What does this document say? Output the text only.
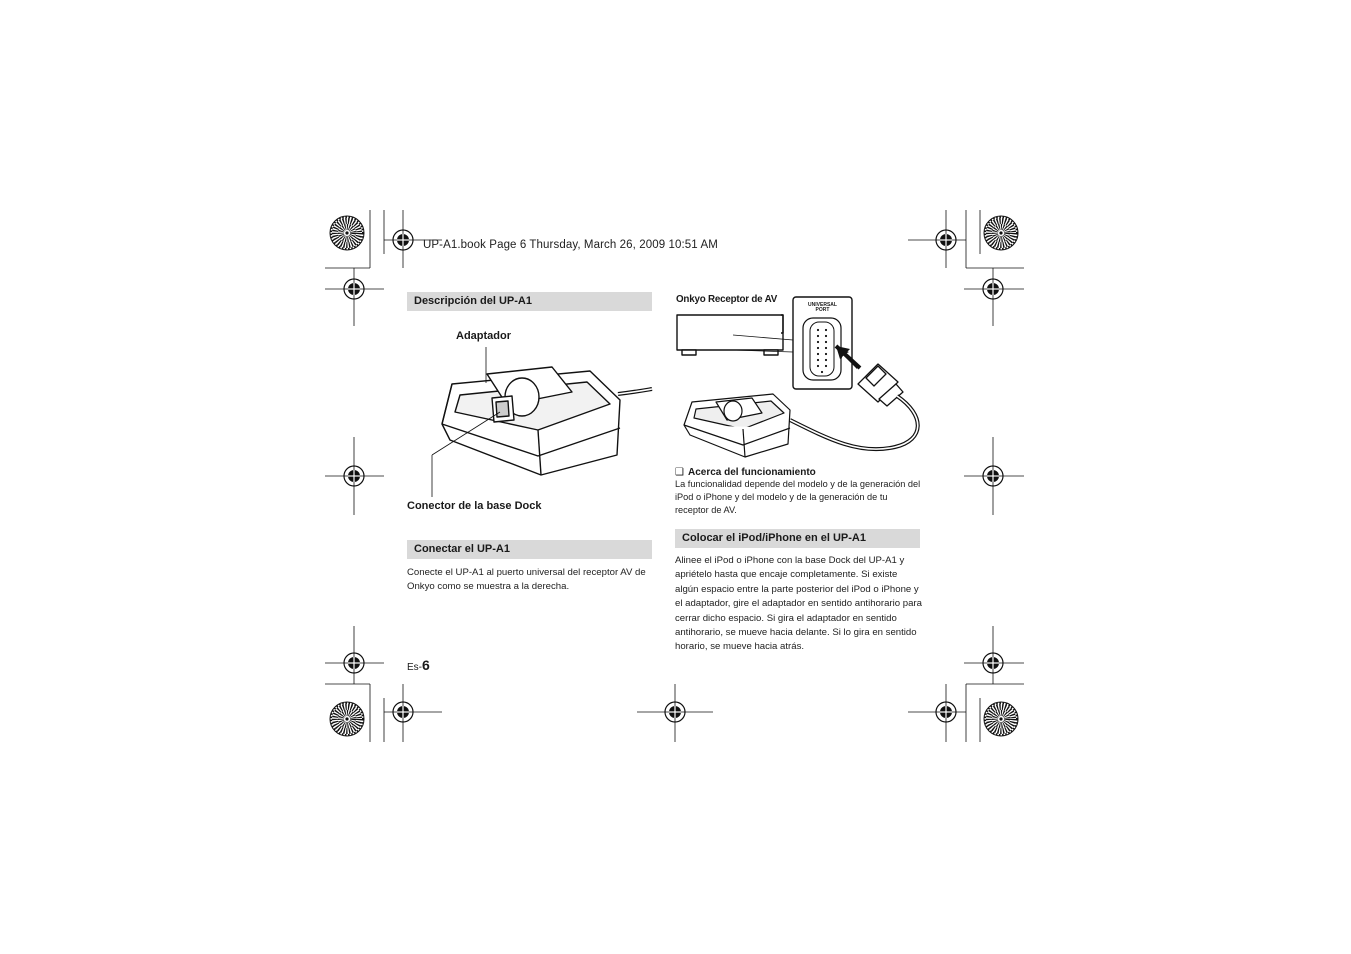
UP-A1.book Page 6 Thursday, March 26, 2009 10:51 AM
Descripción del UP-A1
Adaptador
Conector de la base Dock
Conectar el UP-A1
Conecte el UP-A1 al puerto universal del receptor AV de Onkyo como se muestra a la derecha.
Onkyo Receptor de AV	UNIVERSAL
PORT
❑ Acerca del funcionamiento
La funcionalidad depende del modelo y de la generación del iPod o iPhone y del modelo y de la generación de tu receptor de AV.
Colocar el iPod/iPhone en el UP-A1
Alinee el iPod o iPhone con la base Dock del UP-A1 y apriételo hasta que encaje completamente. Si existe algún espacio entre la parte posterior del iPod o iPhone y el adaptador, gire el adaptador en sentido antihorario para cerrar dicho espacio. Si gira el adaptador en sentido antihorario, se mueve hacia delante. Si lo gira en sentido horario, se mueve hacia atrás.
Es-6
